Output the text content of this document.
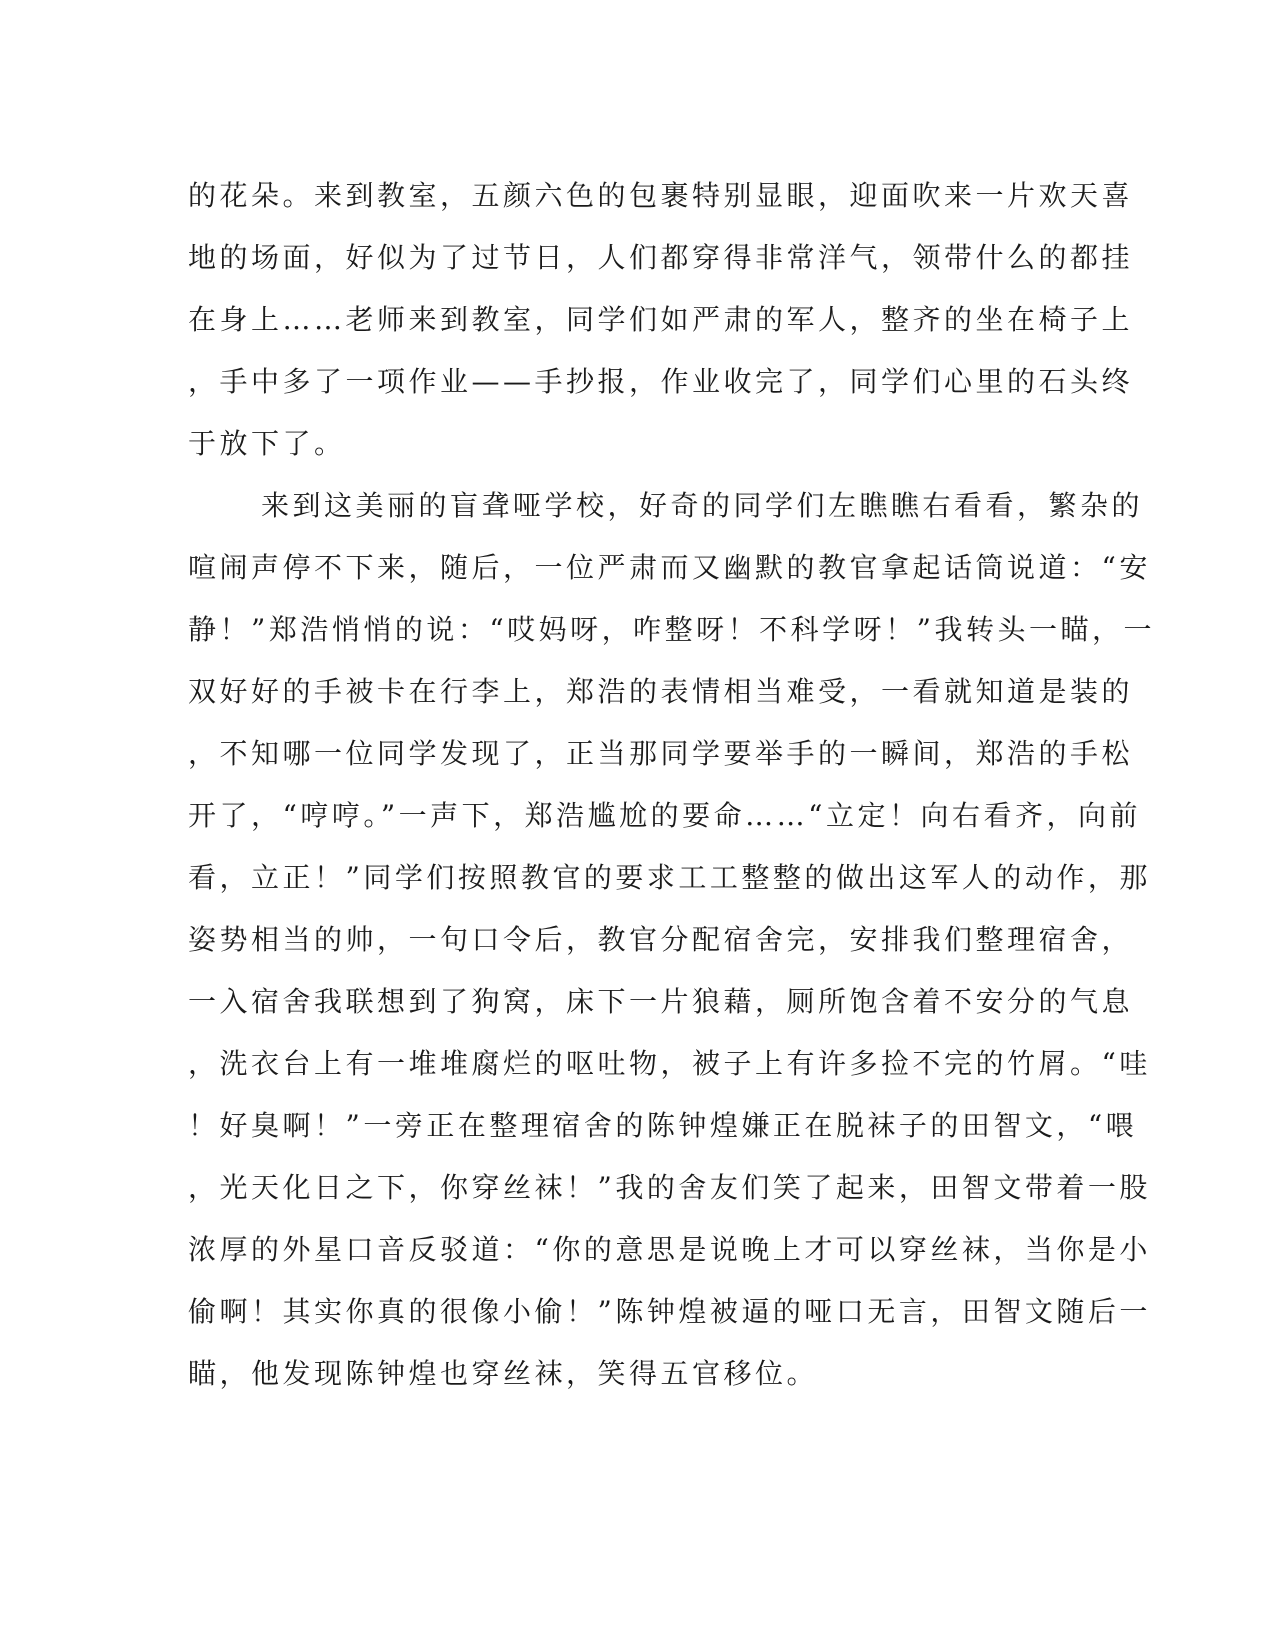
的花朵。来到教室，五颜六色的包裹特别显眼，迎面吹来一片欢天喜
地的场面，好似为了过节日，人们都穿得非常洋气，领带什么的都挂
在身上……老师来到教室，同学们如严肃的军人，整齐的坐在椅子上
，手中多了一项作业——手抄报，作业收完了，同学们心里的石头终
于放下了。
来到这美丽的盲聋哑学校，好奇的同学们左瞧瞧右看看，繁杂的
喧闹声停不下来，随后，一位严肃而又幽默的教官拿起话筒说道：“安
静！”郑浩悄悄的说：“哎妈呀，咋整呀！不科学呀！”我转头一瞄，一
双好好的手被卡在行李上，郑浩的表情相当难受，一看就知道是装的
，不知哪一位同学发现了，正当那同学要举手的一瞬间，郑浩的手松
开了，“哼哼。”一声下，郑浩尴尬的要命……“立定！向右看齐，向前
看，立正！”同学们按照教官的要求工工整整的做出这军人的动作，那
姿势相当的帅，一句口令后，教官分配宿舍完，安排我们整理宿舍，
一入宿舍我联想到了狗窝，床下一片狼藉，厕所饱含着不安分的气息
，洗衣台上有一堆堆腐烂的呕吐物，被子上有许多捡不完的竹屑。“哇
！好臭啊！”一旁正在整理宿舍的陈钟煌嫌正在脱袜子的田智文，“喂
，光天化日之下，你穿丝袜！”我的舍友们笑了起来，田智文带着一股
浓厚的外星口音反驳道：“你的意思是说晚上才可以穿丝袜，当你是小
偷啊！其实你真的很像小偷！”陈钟煌被逼的哑口无言，田智文随后一
瞄，他发现陈钟煌也穿丝袜，笑得五官移位。
